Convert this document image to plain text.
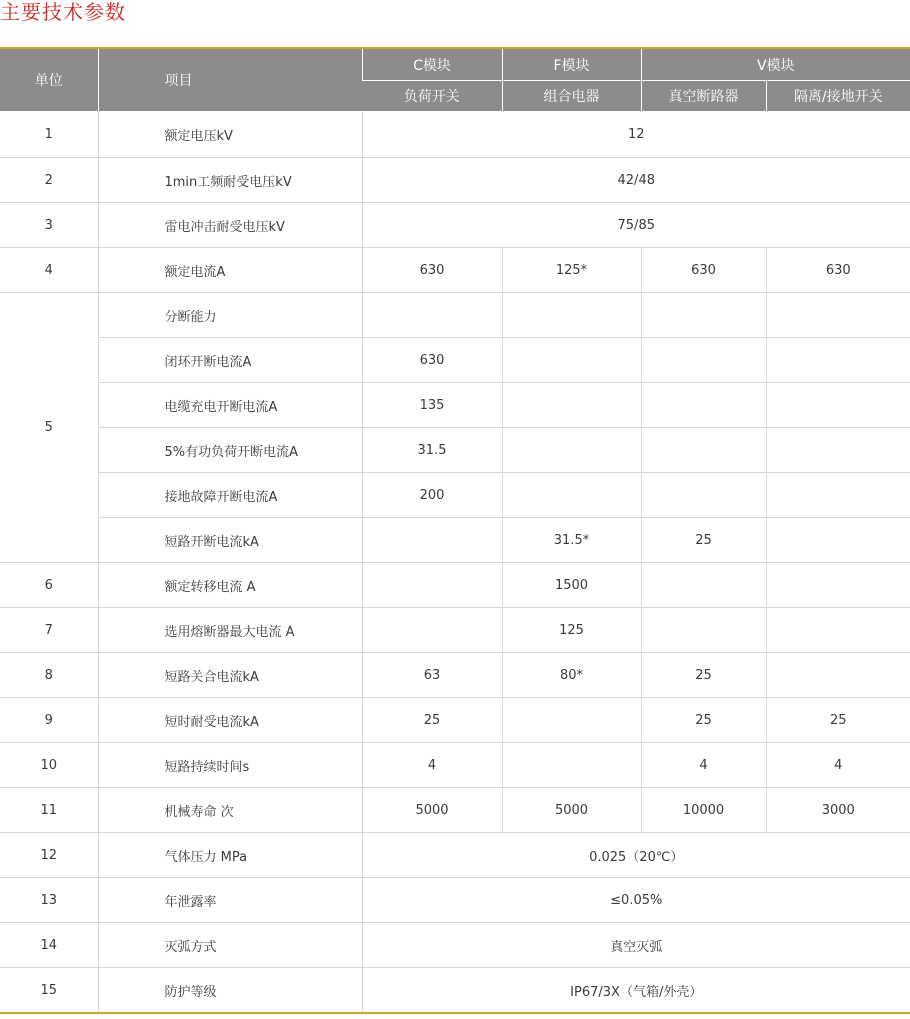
主要技术参数
单位	项目	C模块	F模块	V模块	
		负荷开关	组合电器	真空断路器	隔离/接地开关
1	额定电压kV	12			
2	1min工频耐受电压kV	42/48			
3	雷电冲击耐受电压kV	75/85			
4	额定电流A	630	125*	630	630
5	分断能力				
	闭环开断电流A	630			
	电缆充电开断电流A	135			
	5%有功负荷开断电流A	31.5			
	接地故障开断电流A	200			
	短路开断电流kA		31.5*	25	
6	额定转移电流 A		1500		
7	选用熔断器最大电流 A		125		
8	短路关合电流kA	63	80*	25	
9	短时耐受电流kA	25		25	25
10	短路持续时间s	4		4	4
11	机械寿命 次	5000	5000	10000	3000
12	气体压力 MPa	0.025（20℃）			
13	年泄露率	≤0.05%			
14	灭弧方式	真空灭弧			
15	防护等级	IP67/3X（气箱/外壳）			
